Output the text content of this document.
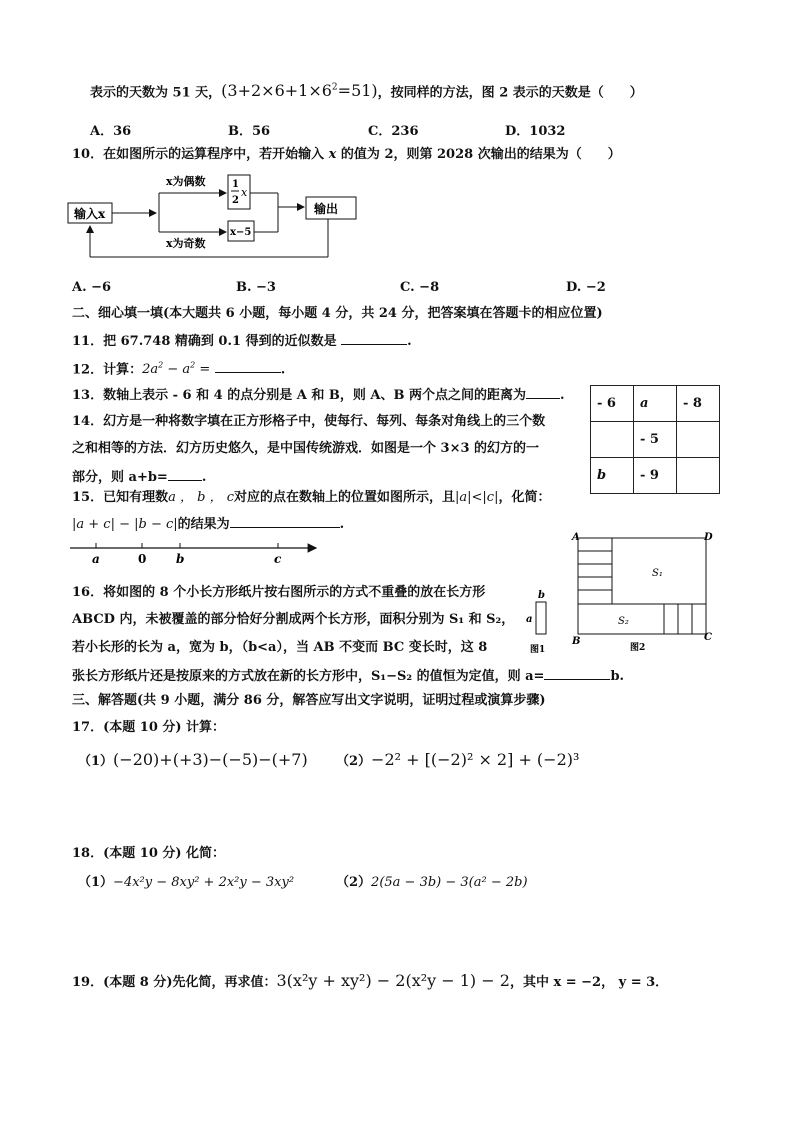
表示的天数为 51 天，$(3+2\times 6+1\times 6^2=51)$，按同样的方法，图 2 表示的天数是（　　）
A．36	B．56	C．236	D．1032
10．在如图所示的运算程序中，若开始输入 x 的值为 2，则第 2028 次输出的结果为（　　）
输入x
x为偶数
x为奇数
1
2
x
x−5
输出
A. −6	B. −3	C. −8	D. −2
二、细心填一填(本大题共 6 小题，每小题 4 分，共 24 分，把答案填在答题卡的相应位置)
11．把 67.748 精确到 0.1 得到的近似数是	.
12．计算：$2a^2 - a^2$ =	.
13．数轴上表示 - 6 和 4 的点分别是 A 和 B，则 A、B 两个点之间的距离为	.
- 6	a	- 8
	- 5	
b	- 9	
14．幻方是一种将数字填在正方形格子中，使每行、每列、每条对角线上的三个数
之和相等的方法．幻方历史悠久，是中国传统游戏．如图是一个 3×3 的幻方的一
部分，则 a+b=	.
15．已知有理数a ， b ， c对应的点在数轴上的位置如图所示，且|a|<|c|，化简：
|a + c| − |b − c|的结果为	.
a	0 b	c
16．将如图的 8 个小长方形纸片按右图所示的方式不重叠的放在长方形
ABCD 内，未被覆盖的部分恰好分割成两个长方形，面积分别为 S₁ 和 S₂，
若小长形的长为 a，宽为 b，（b<a），当 AB 不变而 BC 变长时，这 8
张长方形纸片还是按原来的方式放在新的长方形中，S₁−S₂ 的值恒为定值，则 a=	b.
b
a
图1
A	D
B	C
S₁
S₂
图2
三、解答题(共 9 小题，满分 86 分，解答应写出文字说明，证明过程或演算步骤)
17．(本题 10 分) 计算：
（1）(−20)+(+3)−(−5)−(+7) （2）−2² + [(−2)² × 2] + (−2)³
18．(本题 10 分) 化简：
（1）−4x²y − 8xy² + 2x²y − 3xy²	（2）2(5a − 3b) − 3(a² − 2b)
19．(本题 8 分)先化简，再求值：3(x²y + xy²) − 2(x²y − 1) − 2，其中 x = −2， y = 3．
